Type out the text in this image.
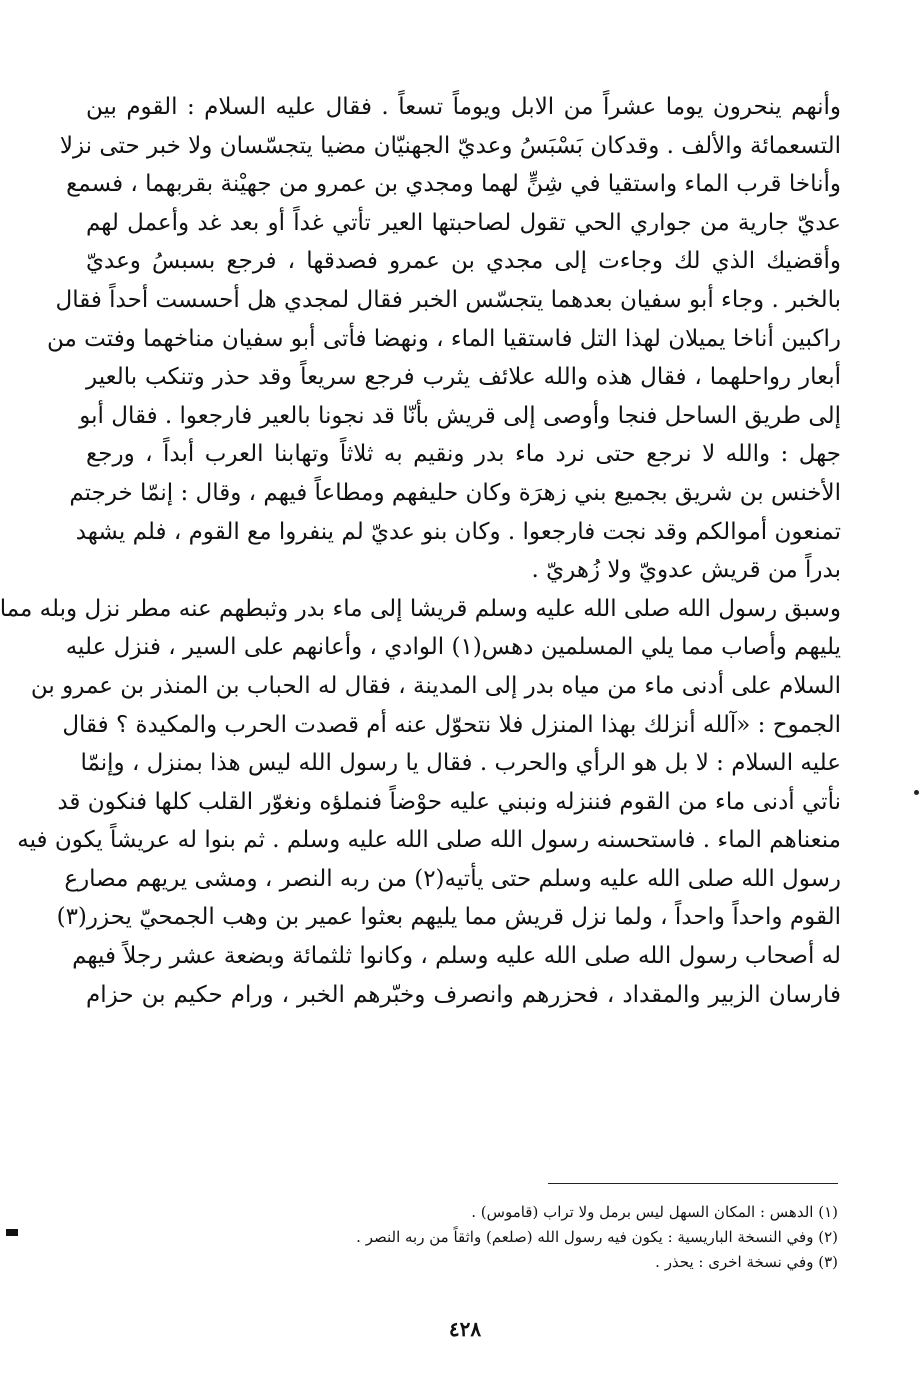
وأنهم ينحرون يوما عشراً من الابل ويوماً تسعاً . فقال عليه السلام : القوم بين
التسعمائة والألف . وقدكان بَسْبَسُ وعديّ الجهنيّان مضيا يتجسّسان ولا خبر حتى نزلا
وأناخا قرب الماء واستقيا في شِنٍّ لهما ومجدي بن عمرو من جهيْنة بقربهما ، فسمع
عديّ جارية من جواري الحي تقول لصاحبتها العير تأتي غداً أو بعد غد وأعمل لهم
وأقضيك الذي لك وجاءت إلى مجدي بن عمرو فصدقها ، فرجع بسبسُ وعديّ
بالخبر . وجاء أبو سفيان بعدهما يتجسّس الخبر فقال لمجدي هل أحسست أحداً فقال
راكبين أناخا يميلان لهذا التل فاستقيا الماء ، ونهضا فأتى أبو سفيان مناخهما وفتت من
أبعار رواحلهما ، فقال هذه والله علائف يثرب فرجع سريعاً وقد حذر وتنكب بالعير
إلى طريق الساحل فنجا وأوصى إلى قريش بأنّا قد نجونا بالعير فارجعوا . فقال أبو
جهل : والله لا نرجع حتى نرد ماء بدر ونقيم به ثلاثاً وتهابنا العرب أبداً ، ورجع
الأخنس بن شريق بجميع بني زهرَة وكان حليفهم ومطاعاً فيهم ، وقال : إنمّا خرجتم
تمنعون أموالكم وقد نجت فارجعوا . وكان بنو عديّ لم ينفروا مع القوم ، فلم يشهد
بدراً من قريش عدويّ ولا زُهريّ .
وسبق رسول الله صلى الله عليه وسلم قريشا إلى ماء بدر وثبطهم عنه مطر نزل وبله مما
يليهم وأصاب مما يلي المسلمين دهس(١) الوادي ، وأعانهم على السير ، فنزل عليه
السلام على أدنى ماء من مياه بدر إلى المدينة ، فقال له الحباب بن المنذر بن عمرو بن
الجموح : «آلله أنزلك بهذا المنزل فلا نتحوّل عنه أم قصدت الحرب والمكيدة ؟ فقال
عليه السلام : لا بل هو الرأي والحرب . فقال يا رسول الله ليس هذا بمنزل ، وإنمّا
نأتي أدنى ماء من القوم فننزله ونبني عليه حوْضاً فنملؤه ونغوّر القلب كلها فنكون قد
منعناهم الماء . فاستحسنه رسول الله صلى الله عليه وسلم . ثم بنوا له عريشاً يكون فيه
رسول الله صلى الله عليه وسلم حتى يأتيه(٢) من ربه النصر ، ومشى يريهم مصارع
القوم واحداً واحداً ، ولما نزل قريش مما يليهم بعثوا عمير بن وهب الجمحيّ يحزر(٣)
له أصحاب رسول الله صلى الله عليه وسلم ، وكانوا ثلثمائة وبضعة عشر رجلاً فيهم
فارسان الزبير والمقداد ، فحزرهم وانصرف وخبّرهم الخبر ، ورام حكيم بن حزام
(١) الدهس : المكان السهل ليس برمل ولا تراب (قاموس) .
(٢) وفي النسخة الباريسية : يكون فيه رسول الله (صلعم) واثقاً من ربه النصر .
(٣) وفي نسخة اخرى : يحذر .
٤٢٨
